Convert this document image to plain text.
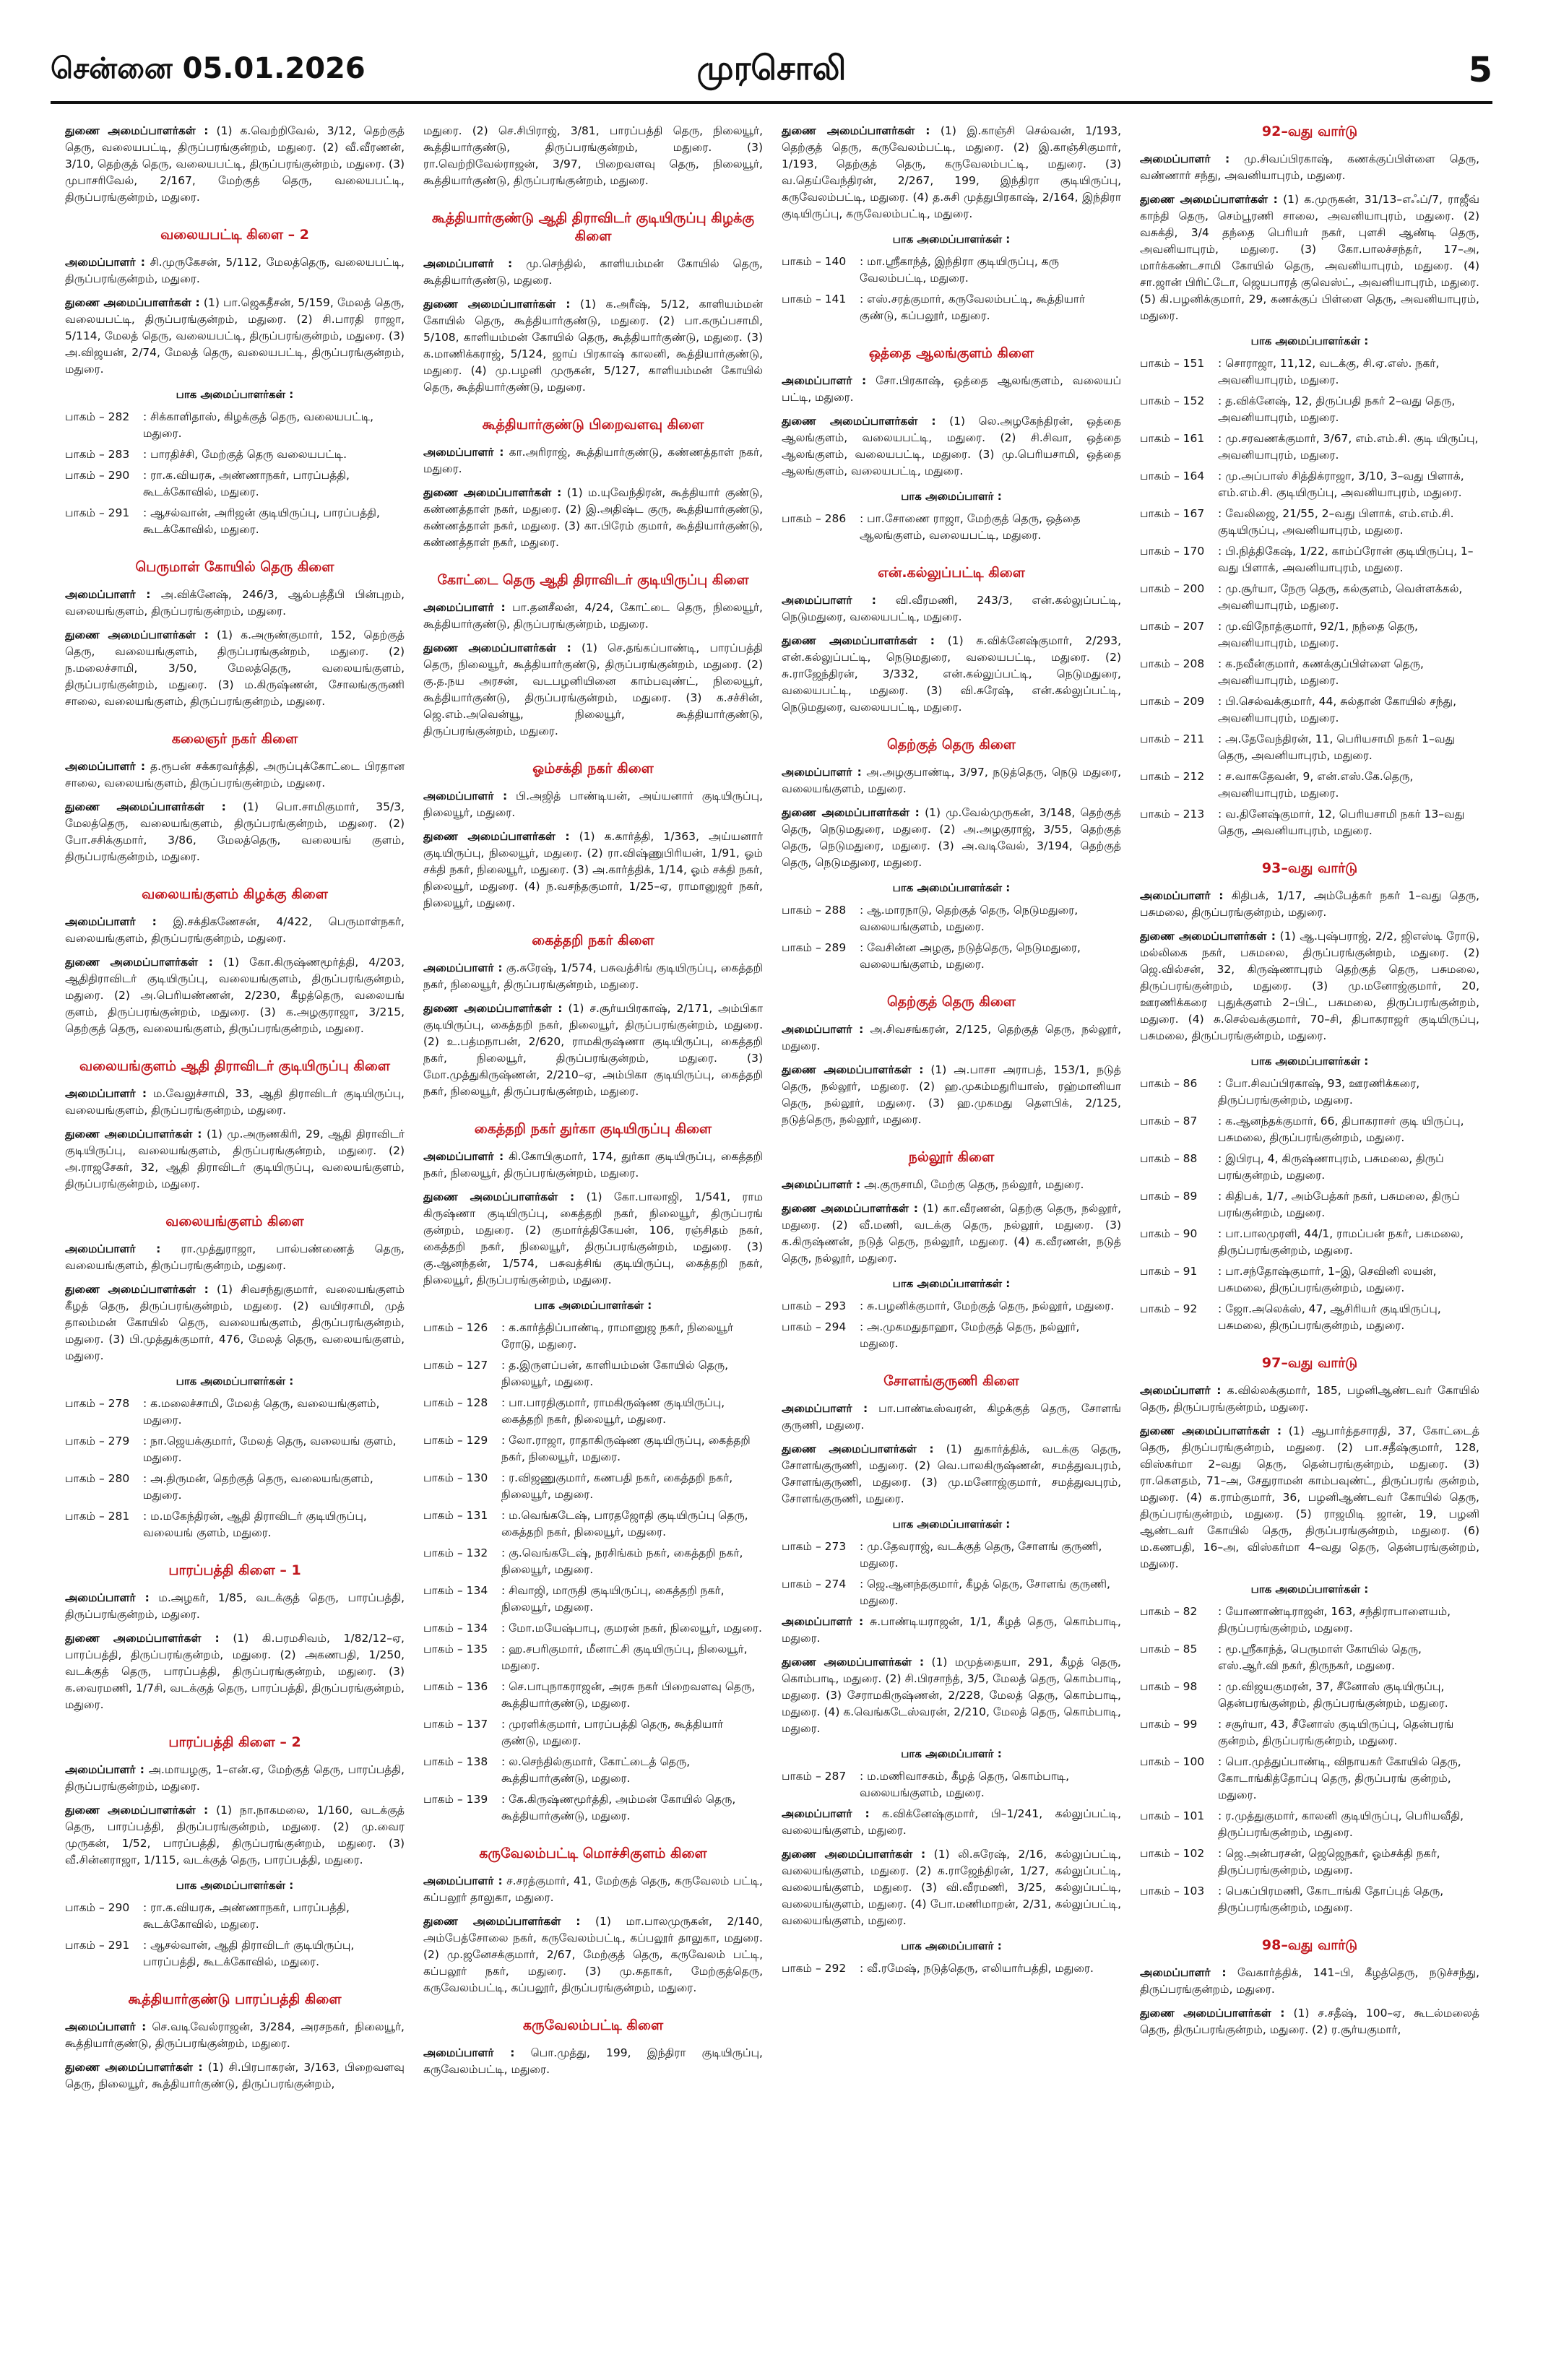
சென்னை 05.01.2026	முரசொலி	5

துணை அமைப்பாளர்கள் : (1) க.வெற்றிவேல், 3/12, தெற்குத் தெரு, வலையபட்டி, திருப்பரங்குன்றம், மதுரை. (2) வீ.வீரணன், 3/10, தெற்குத் தெரு, வலையபட்டி, திருப்பரங்குன்றம், மதுரை. (3) முபாசரிவேல், 2/167, மேற்குத் தெரு, வலையபட்டி, திருப்பரங்குன்றம், மதுரை.

வலையபட்டி கிளை – 2

அமைப்பாளர் : சி.முருகேசன், 5/112, மேலத்தெரு, வலையபட்டி, திருப்பரங்குன்றம், மதுரை.

துணை அமைப்பாளர்கள் : (1) பா.ஜெகதீசன், 5/159, மேலத் தெரு, வலையபட்டி, திருப்பரங்குன்றம், மதுரை. (2) சி.பாரதி ராஜா, 5/114, மேலத் தெரு, வலையபட்டி, திருப்பரங்குன்றம், மதுரை. (3) அ.விஜயன், 2/74, மேலத் தெரு, வலையபட்டி, திருப்பரங்குன்றம், மதுரை.

பாக அமைப்பாளர்கள் :
பாகம் – 282	: சிக்காளிதாஸ், கிழக்குத் தெரு, வலையபட்டி, மதுரை.
பாகம் – 283	: பாரதிச்சி, மேற்குத் தெரு வலையபட்டி.
பாகம் – 290	: ரா.க.வியரசு, அண்ணாநகர், பாரப்பத்தி, கூடக்கோவில், மதுரை.
பாகம் – 291	: ஆசல்வான், அரிஜன் குடியிருப்பு, பாரப்பத்தி, கூடக்கோவில், மதுரை.
பெருமாள் கோயில் தெரு கிளை

அமைப்பாளர் : அ.விக்னேஷ், 246/3, ஆல்பத்தீபி பின்புறம், வலையங்குளம், திருப்பரங்குன்றம், மதுரை.

துணை அமைப்பாளர்கள் : (1) க.அருண்குமார், 152, தெற்குத் தெரு, வலையங்குளம், திருப்பரங்குன்றம், மதுரை. (2) ந.மலைச்சாமி, 3/50, மேலத்தெரு, வலையங்குளம், திருப்பரங்குன்றம், மதுரை. (3) ம.கிருஷ்ணன், சோலங்குருணி சாலை, வலையங்குளம், திருப்பரங்குன்றம், மதுரை.

கலைஞர் நகர் கிளை

அமைப்பாளர் : த.ரூபன் சக்கரவர்த்தி, அருப்புக்கோட்டை பிரதான சாலை, வலையங்குளம், திருப்பரங்குன்றம், மதுரை.

துணை அமைப்பாளர்கள் : (1) பொ.சாமிகுமார், 35/3, மேலத்தெரு, வலையங்குளம், திருப்பரங்குன்றம், மதுரை. (2) போ.சசிக்குமார், 3/86, மேலத்தெரு, வலையங் குளம், திருப்பரங்குன்றம், மதுரை.

வலையங்குளம் கிழக்கு கிளை

அமைப்பாளர் : இ.சக்திகணேசன், 4/422, பெருமாள்நகர், வலையங்குளம், திருப்பரங்குன்றம், மதுரை.

துணை அமைப்பாளர்கள் : (1) கோ.கிருஷ்ணமூர்த்தி, 4/203, ஆதிதிராவிடர் குடியிருப்பு, வலையங்குளம், திருப்பரங்குன்றம், மதுரை. (2) அ.பெரியண்ணன், 2/230, கீழத்தெரு, வலையங் குளம், திருப்பரங்குன்றம், மதுரை. (3) க.அழகுராஜா, 3/215, தெற்குத் தெரு, வலையங்குளம், திருப்பரங்குன்றம், மதுரை.

வலையங்குளம் ஆதி திராவிடர் குடியிருப்பு கிளை

அமைப்பாளர் : ம.வேலுச்சாமி, 33, ஆதி திராவிடர் குடியிருப்பு, வலையங்குளம், திருப்பரங்குன்றம், மதுரை.

துணை அமைப்பாளர்கள் : (1) மு.அருணகிரி, 29, ஆதி திராவிடர் குடியிருப்பு, வலையங்குளம், திருப்பரங்குன்றம், மதுரை. (2) அ.ராஜசேகர், 32, ஆதி திராவிடர் குடியிருப்பு, வலையங்குளம், திருப்பரங்குன்றம், மதுரை.

வலையங்குளம் கிளை

அமைப்பாளர் : ரா.முத்துராஜா, பால்பண்ணைத் தெரு, வலையங்குளம், திருப்பரங்குன்றம், மதுரை.

துணை அமைப்பாளர்கள் : (1) சிவசந்துகுமார், வலையங்குளம் கீழத் தெரு, திருப்பரங்குன்றம், மதுரை. (2) வயிரசாமி, முத் தாலம்மன் கோயில் தெரு, வலையங்குளம், திருப்பரங்குன்றம், மதுரை. (3) பி.முத்துக்குமார், 476, மேலத் தெரு, வலையங்குளம், மதுரை.

பாக அமைப்பாளர்கள் :
பாகம் – 278	: க.மலைச்சாமி, மேலத் தெரு, வலையங்குளம், மதுரை.
பாகம் – 279	: நா.ஜெயக்குமார், மேலத் தெரு, வலையங் குளம், மதுரை.
பாகம் – 280	: அ.திருமன், தெற்குத் தெரு, வலையங்குளம், மதுரை.
பாகம் – 281	: ம.மகேந்திரன், ஆதி திராவிடர் குடியிருப்பு, வலையங் குளம், மதுரை.
பாரப்பத்தி கிளை – 1

அமைப்பாளர் : ம.அழகர், 1/85, வடக்குத் தெரு, பாரப்பத்தி, திருப்பரங்குன்றம், மதுரை.

துணை அமைப்பாளர்கள் : (1) கி.பரமசிவம், 1/82/12–ஏ, பாரப்பத்தி, திருப்பரங்குன்றம், மதுரை. (2) அகணபதி, 1/250, வடக்குத் தெரு, பாரப்பத்தி, திருப்பரங்குன்றம், மதுரை. (3) க.வைரமணி, 1/7சி, வடக்குத் தெரு, பாரப்பத்தி, திருப்பரங்குன்றம், மதுரை.

பாரப்பத்தி கிளை – 2

அமைப்பாளர் : அ.மாயழகு, 1–என்.ஏ, மேற்குத் தெரு, பாரப்பத்தி, திருப்பரங்குன்றம், மதுரை.

துணை அமைப்பாளர்கள் : (1) நா.நாகமலை, 1/160, வடக்குத் தெரு, பாரப்பத்தி, திருப்பரங்குன்றம், மதுரை. (2) மு.வைர முருகன், 1/52, பாரப்பத்தி, திருப்பரங்குன்றம், மதுரை. (3) வீ.சின்னராஜா, 1/115, வடக்குத் தெரு, பாரப்பத்தி, மதுரை.

பாக அமைப்பாளர்கள் :
பாகம் – 290	: ரா.க.வியரசு, அண்ணாநகர், பாரப்பத்தி, கூடக்கோவில், மதுரை.
பாகம் – 291	: ஆசல்வான், ஆதி திராவிடர் குடியிருப்பு, பாரப்பத்தி, கூடக்கோவில், மதுரை.
கூத்தியார்குண்டு பாரப்பத்தி கிளை

அமைப்பாளர் : செ.வடிவேல்ராஜன், 3/284, அரசநகர், நிலையூர், கூத்தியார்குண்டு, திருப்பரங்குன்றம், மதுரை.

துணை அமைப்பாளர்கள் : (1) சி.பிரபாகரன், 3/163, பிறைவளவு தெரு, நிலையூர், கூத்தியார்குண்டு, திருப்பரங்குன்றம்,

மதுரை. (2) செ.சிபிராஜ், 3/81, பாரப்பத்தி தெரு, நிலையூர், கூத்தியார்குண்டு, திருப்பரங்குன்றம், மதுரை. (3) ரா.வெற்றிவேல்ராஜன், 3/97, பிறைவளவு தெரு, நிலையூர், கூத்தியார்குண்டு, திருப்பரங்குன்றம், மதுரை.

கூத்தியார்குண்டு ஆதி திராவிடர் குடியிருப்பு கிழக்கு கிளை

அமைப்பாளர் : மு.செந்தில், காளியம்மன் கோயில் தெரு, கூத்தியார்குண்டு, மதுரை.

துணை அமைப்பாளர்கள் : (1) க.அரீஷ், 5/12, காளியம்மன் கோயில் தெரு, கூத்தியார்குண்டு, மதுரை. (2) பா.கருப்பசாமி, 5/108, காளியம்மன் கோயில் தெரு, கூத்தியார்குண்டு, மதுரை. (3) க.மாணிக்கராஜ், 5/124, ஜாய் பிரகாஷ் காலனி, கூத்தியார்குண்டு, மதுரை. (4) மு.பழனி முருகன், 5/127, காளியம்மன் கோயில் தெரு, கூத்தியார்குண்டு, மதுரை.

கூத்தியார்குண்டு பிறைவளவு கிளை

அமைப்பாளர் : கா.அரிராஜ், கூத்தியார்குண்டு, கண்ணத்தாள் நகர், மதுரை.

துணை அமைப்பாளர்கள் : (1) ம.யுவேந்திரன், கூத்தியார் குண்டு, கண்ணத்தாள் நகர், மதுரை. (2) இ.அதிஷ்ட குரு, கூத்தியார்குண்டு, கண்ணத்தாள் நகர், மதுரை. (3) கா.பிரேம் குமார், கூத்தியார்குண்டு, கண்ணத்தாள் நகர், மதுரை.

கோட்டை தெரு ஆதி திராவிடர் குடியிருப்பு கிளை

அமைப்பாளர் : பா.தனசீலன், 4/24, கோட்டை தெரு, நிலையூர், கூத்தியார்குண்டு, திருப்பரங்குன்றம், மதுரை.

துணை அமைப்பாளர்கள் : (1) செ.தங்கப்பாண்டி, பாரப்பத்தி தெரு, நிலையூர், கூத்தியார்குண்டு, திருப்பரங்குன்றம், மதுரை. (2) கு.த.நய அரசன், வடபழனியினை காம்பவுண்ட், நிலையூர், கூத்தியார்குண்டு, திருப்பரங்குன்றம், மதுரை. (3) க.சச்சின், ஜெ.எம்.அவென்யூ, நிலையூர், கூத்தியார்குண்டு, திருப்பரங்குன்றம், மதுரை.

ஓம்சக்தி நகர் கிளை

அமைப்பாளர் : பி.அஜித் பாண்டியன், அய்யனார் குடியிருப்பு, நிலையூர், மதுரை.

துணை அமைப்பாளர்கள் : (1) க.கார்த்தி, 1/363, அய்யனார் குடியிருப்பு, நிலையூர், மதுரை. (2) ரா.விஷ்ணுபிரியன், 1/91, ஓம் சக்தி நகர், நிலையூர், மதுரை. (3) அ.கார்த்திக், 1/14, ஓம் சக்தி நகர், நிலையூர், மதுரை. (4) ந.வசந்தகுமார், 1/25–ஏ, ராமானுஜர் நகர், நிலையூர், மதுரை.

கைத்தறி நகர் கிளை

அமைப்பாளர் : கு.சுரேஷ், 1/574, பசுவத்சிங் குடியிருப்பு, கைத்தறி நகர், நிலையூர், திருப்பரங்குன்றம், மதுரை.

துணை அமைப்பாளர்கள் : (1) ச.சூர்யபிரகாஷ், 2/171, அம்பிகா குடியிருப்பு, கைத்தறி நகர், நிலையூர், திருப்பரங்குன்றம், மதுரை. (2) உ.பத்மநாபன், 2/620, ராமகிருஷ்ணா குடியிருப்பு, கைத்தறி நகர், நிலையூர், திருப்பரங்குன்றம், மதுரை. (3) மோ.முத்துகிருஷ்ணன், 2/210–ஏ, அம்பிகா குடியிருப்பு, கைத்தறி நகர், நிலையூர், திருப்பரங்குன்றம், மதுரை.

கைத்தறி நகர் துர்கா குடியிருப்பு கிளை

அமைப்பாளர் : கி.கோபிகுமார், 174, துர்கா குடியிருப்பு, கைத்தறி நகர், நிலையூர், திருப்பரங்குன்றம், மதுரை.

துணை அமைப்பாளர்கள் : (1) கோ.பாலாஜி, 1/541, ராம கிருஷ்ணா குடியிருப்பு, கைத்தறி நகர், நிலையூர், திருப்பரங் குன்றம், மதுரை. (2) குமார்த்திகேயன், 106, ரஞ்சிதம் நகர், கைத்தறி நகர், நிலையூர், திருப்பரங்குன்றம், மதுரை. (3) கு.ஆனந்தன், 1/574, பசுவத்சிங் குடியிருப்பு, கைத்தறி நகர், நிலையூர், திருப்பரங்குன்றம், மதுரை.

பாக அமைப்பாளர்கள் :
பாகம் – 126	: க.கார்த்திப்பாண்டி, ராமானுஜ நகர், நிலையூர் ரோடு, மதுரை.
பாகம் – 127	: த.இருளப்பன், காளியம்மன் கோயில் தெரு, நிலையூர், மதுரை.
பாகம் – 128	: பா.பாரதிகுமார், ராமகிருஷ்ண குடியிருப்பு, கைத்தறி நகர், நிலையூர், மதுரை.
பாகம் – 129	: லோ.ராஜா, ராதாகிருஷ்ண குடியிருப்பு, கைத்தறி நகர், நிலையூர், மதுரை.
பாகம் – 130	: ர.விஜணுகுமார், கணபதி நகர், கைத்தறி நகர், நிலையூர், மதுரை.
பாகம் – 131	: ம.வெங்கடேஷ், பாரதஜோதி குடியிருப்பு தெரு, கைத்தறி நகர், நிலையூர், மதுரை.
பாகம் – 132	: கு.வெங்கடேஷ், நரசிங்கம் நகர், கைத்தறி நகர், நிலையூர், மதுரை.
பாகம் – 134	: சிவாஜி, மாருதி குடியிருப்பு, கைத்தறி நகர், நிலையூர், மதுரை.
பாகம் – 134	: மோ.மயேஷ்பாபு, குமரன் நகர், நிலையூர், மதுரை.
பாகம் – 135	: ஹ.சபரிகுமார், மீனாட்சி குடியிருப்பு, நிலையூர், மதுரை.
பாகம் – 136	: செ.பாபுநாகராஜன், அரசு நகர் பிறைவளவு தெரு, கூத்தியார்குண்டு, மதுரை.
பாகம் – 137	: முரளிக்குமார், பாரப்பத்தி தெரு, கூத்தியார் குண்டு, மதுரை.
பாகம் – 138	: ல.செந்தில்குமார், கோட்டைத் தெரு, கூத்தியார்குண்டு, மதுரை.
பாகம் – 139	: கே.கிருஷ்ணமூர்த்தி, அம்மன் கோயில் தெரு, கூத்தியார்குண்டு, மதுரை.
கருவேலம்பட்டி மொச்சிகுளம் கிளை

அமைப்பாளர் : ச.சரத்குமார், 41, மேற்குத் தெரு, கருவேலம் பட்டி, கப்பலூர் தாலுகா, மதுரை.

துணை அமைப்பாளர்கள் : (1) மா.பாலமுருகன், 2/140, அம்பேத்சோலை நகர், கருவேலம்பட்டி, கப்பலூர் தாலுகா, மதுரை. (2) மு.ஜனேசக்குமார், 2/67, மேற்குத் தெரு, கருவேலம் பட்டி, கப்பலூர் நகர், மதுரை. (3) மு.சுதாகர், மேற்குத்தெரு, கருவேலம்பட்டி, கப்பலூர், திருப்பரங்குன்றம், மதுரை.

கருவேலம்பட்டி கிளை

அமைப்பாளர் : பொ.முத்து, 199, இந்திரா குடியிருப்பு, கருவேலம்பட்டி, மதுரை.

துணை அமைப்பாளர்கள் : (1) இ.காஞ்சி செல்வன், 1/193, தெற்குத் தெரு, கருவேலம்பட்டி, மதுரை. (2) இ.காஞ்சிகுமார், 1/193, தெற்குத் தெரு, கருவேலம்பட்டி, மதுரை. (3) வ.தெய்வேந்திரன், 2/267, 199, இந்திரா குடியிருப்பு, கருவேலம்பட்டி, மதுரை. (4) த.சுசி முத்துபிரகாஷ், 2/164, இந்திரா குடியிருப்பு, கருவேலம்பட்டி, மதுரை.

பாக அமைப்பாளர்கள் :
பாகம் – 140	: மா.ஸ்ரீகாந்த், இந்திரா குடியிருப்பு, கரு வேலம்பட்டி, மதுரை.
பாகம் – 141	: எஸ்.சரத்குமார், கருவேலம்பட்டி, கூத்தியார் குண்டு, கப்பலூர், மதுரை.
ஒத்தை ஆலங்குளம் கிளை

அமைப்பாளர் : சோ.பிரகாஷ், ஒத்தை ஆலங்குளம், வலையப் பட்டி, மதுரை.

துணை அமைப்பாளர்கள் : (1) லெ.அழகேந்திரன், ஒத்தை ஆலங்குளம், வலையபட்டி, மதுரை. (2) சி.சிவா, ஒத்தை ஆலங்குளம், வலையபட்டி, மதுரை. (3) மு.பெரியசாமி, ஒத்தை ஆலங்குளம், வலையபட்டி, மதுரை.

பாக அமைப்பாளர் :
பாகம் – 286	: பா.சோணை ராஜா, மேற்குத் தெரு, ஒத்தை ஆலங்குளம், வலையபட்டி, மதுரை.
என்.கல்லுப்பட்டி கிளை

அமைப்பாளர் : வி.வீரமணி, 243/3, என்.கல்லுப்பட்டி, நெடுமதுரை, வலையபட்டி, மதுரை.

துணை அமைப்பாளர்கள் : (1) சு.விக்னேஷ்குமார், 2/293, என்.கல்லுப்பட்டி, நெடுமதுரை, வலையபட்டி, மதுரை. (2) சு.ராஜேந்திரன், 3/332, என்.கல்லுப்பட்டி, நெடுமதுரை, வலையபட்டி, மதுரை. (3) வி.சுரேஷ், என்.கல்லுப்பட்டி, நெடுமதுரை, வலையபட்டி, மதுரை.

தெற்குத் தெரு கிளை

அமைப்பாளர் : அ.அழகுபாண்டி, 3/97, நடுத்தெரு, நெடு மதுரை, வலையங்குளம், மதுரை.

துணை அமைப்பாளர்கள் : (1) மு.வேல்முருகன், 3/148, தெற்குத் தெரு, நெடுமதுரை, மதுரை. (2) அ.அழகுராஜ், 3/55, தெற்குத் தெரு, நெடுமதுரை, மதுரை. (3) அ.வடிவேல், 3/194, தெற்குத் தெரு, நெடுமதுரை, மதுரை.

பாக அமைப்பாளர்கள் :
பாகம் – 288	: ஆ.மாரநாடு, தெற்குத் தெரு, நெடுமதுரை, வலையங்குளம், மதுரை.
பாகம் – 289	: வேசின்ன அழகு, நடுத்தெரு, நெடுமதுரை, வலையங்குளம், மதுரை.
தெற்குத் தெரு கிளை

அமைப்பாளர் : அ.சிவசங்கரன், 2/125, தெற்குத் தெரு, நல்லூர், மதுரை.

துணை அமைப்பாளர்கள் : (1) அ.பாசா அராபத், 153/1, நடுத் தெரு, நல்லூர், மதுரை. (2) ஹ.முகம்மதுரியாஸ், ரஹ்மானியா தெரு, நல்லூர், மதுரை. (3) ஹ.முகமது தௌபிக், 2/125, நடுத்தெரு, நல்லூர், மதுரை.

நல்லூர் கிளை

அமைப்பாளர் : அ.குருசாமி, மேற்கு தெரு, நல்லூர், மதுரை.

துணை அமைப்பாளர்கள் : (1) கா.வீரணன், தெற்கு தெரு, நல்லூர், மதுரை. (2) வீ.மணி, வடக்கு தெரு, நல்லூர், மதுரை. (3) க.கிருஷ்ணன், நடுத் தெரு, நல்லூர், மதுரை. (4) க.வீரணன், நடுத் தெரு, நல்லூர், மதுரை.

பாக அமைப்பாளர்கள் :
பாகம் – 293	: சு.பழனிக்குமார், மேற்குத் தெரு, நல்லூர், மதுரை.
பாகம் – 294	: அ.முகமதுதாஹா, மேற்குத் தெரு, நல்லூர், மதுரை.
சோளங்குருணி கிளை

அமைப்பாளர் : பா.பாண்டீஸ்வரன், கிழக்குத் தெரு, சோளங் குருணி, மதுரை.

துணை அமைப்பாளர்கள் : (1) துகார்த்திக், வடக்கு தெரு, சோளங்குருணி, மதுரை. (2) வெ.பாலகிருஷ்ணன், சமத்துவபுரம், சோளங்குருணி, மதுரை. (3) மு.மனோஜ்குமார், சமத்துவபுரம், சோளங்குருணி, மதுரை.

பாக அமைப்பாளர்கள் :
பாகம் – 273	: மு.தேவராஜ், வடக்குத் தெரு, சோளங் குருணி, மதுரை.
பாகம் – 274	: ஜெ.ஆனந்தகுமார், கீழத் தெரு, சோளங் குருணி, மதுரை.

அமைப்பாளர் : சு.பாண்டியராஜன், 1/1, கீழத் தெரு, கொம்பாடி, மதுரை.

துணை அமைப்பாளர்கள் : (1) மமுத்தையா, 291, கீழத் தெரு, கொம்பாடி, மதுரை. (2) சி.பிரசாந்த், 3/5, மேலத் தெரு, கொம்பாடி, மதுரை. (3) சேராமகிருஷ்ணன், 2/228, மேலத் தெரு, கொம்பாடி, மதுரை. (4) க.வெங்கடேஸ்வரன், 2/210, மேலத் தெரு, கொம்பாடி, மதுரை.

பாக அமைப்பாளர் :
பாகம் – 287	: ம.மணிவாசகம், கீழத் தெரு, கொம்பாடி, வலையங்குளம், மதுரை.

அமைப்பாளர் : க.விக்னேஷ்குமார், பி–1/241, கல்லுப்பட்டி, வலையங்குளம், மதுரை.

துணை அமைப்பாளர்கள் : (1) லி.சுரேஷ், 2/16, கல்லுப்பட்டி, வலையங்குளம், மதுரை. (2) க.ராஜேந்திரன், 1/27, கல்லுப்பட்டி, வலையங்குளம், மதுரை. (3) வி.வீரமணி, 3/25, கல்லுப்பட்டி, வலையங்குளம், மதுரை. (4) போ.மணிமாறன், 2/31, கல்லுப்பட்டி, வலையங்குளம், மதுரை.

பாக அமைப்பாளர் :
பாகம் – 292	: வீ.ரமேஷ், நடுத்தெரு, எலியார்பத்தி, மதுரை.
92–வது வார்டு

அமைப்பாளர் : மு.சிவப்பிரகாஷ், கணக்குப்பிள்ளை தெரு, வண்ணார் சந்து, அவனியாபுரம், மதுரை.

துணை அமைப்பாளர்கள் : (1) க.முருகன், 31/13–எஃப்/7, ராஜீவ் காந்தி தெரு, செம்பூரணி சாலை, அவனியாபுரம், மதுரை. (2) வசுக்தி, 3/4 தந்தை பெரியர் நகர், புளசி ஆண்டி தெரு, அவனியாபுரம், மதுரை. (3) கோ.பாலச்சந்தர், 17–அ, மார்க்கண்டசாமி கோயில் தெரு, அவனியாபுரம், மதுரை. (4) சா.ஜான் பிரிட்டோ, ஜெயபாரத் குவெஸ்ட், அவனியாபுரம், மதுரை. (5) கி.பழனிக்குமார், 29, கணக்குப் பிள்ளை தெரு, அவனியாபுரம், மதுரை.

பாக அமைப்பாளர்கள் :
பாகம் – 151	: சொராஜா, 11,12, வடக்கு, சி.ஏ.எஸ். நகர், அவனியாபுரம், மதுரை.
பாகம் – 152	: த.விக்னேஷ், 12, திருப்பதி நகர் 2–வது தெரு, அவனியாபுரம், மதுரை.
பாகம் – 161	: மு.சரவணக்குமார், 3/67, எம்.எம்.சி. குடி யிருப்பு, அவனியாபுரம், மதுரை.
பாகம் – 164	: மு.அப்பாஸ் சித்திக்ராஜா, 3/10, 3–வது பிளாக், எம்.எம்.சி. குடியிருப்பு, அவனியாபுரம், மதுரை.
பாகம் – 167	: வேலிஜை, 21/55, 2–வது பிளாக், எம்.எம்.சி. குடியிருப்பு, அவனியாபுரம், மதுரை.
பாகம் – 170	: பி.நித்திகேஷ், 1/22, காம்ப்ரோன் குடியிருப்பு, 1–வது பிளாக், அவனியாபுரம், மதுரை.
பாகம் – 200	: மு.சூர்யா, நேரு தெரு, கல்குளம், வெள்ளக்கல், அவனியாபுரம், மதுரை.
பாகம் – 207	: மு.விநோத்குமார், 92/1, நந்தை தெரு, அவனியாபுரம், மதுரை.
பாகம் – 208	: க.நவீன்குமார், கணக்குப்பிள்ளை தெரு, அவனியாபுரம், மதுரை.
பாகம் – 209	: பி.செல்வக்குமார், 44, சுல்தான் கோயில் சந்து, அவனியாபுரம், மதுரை.
பாகம் – 211	: அ.தேவேந்திரன், 11, பெரியசாமி நகர் 1–வது தெரு, அவனியாபுரம், மதுரை.
பாகம் – 212	: ச.வாசுதேவன், 9, என்.எஸ்.கே.தெரு, அவனியாபுரம், மதுரை.
பாகம் – 213	: வ.தினேஷ்குமார், 12, பெரியசாமி நகர் 13–வது தெரு, அவனியாபுரம், மதுரை.
93–வது வார்டு

அமைப்பாளர் : கிதிபக், 1/17, அம்பேத்கர் நகர் 1–வது தெரு, பசுமலை, திருப்பரங்குன்றம், மதுரை.

துணை அமைப்பாளர்கள் : (1) ஆ.புஷ்பராஜ், 2/2, ஜிஎஸ்டி ரோடு, மல்லிகை நகர், பசுமலை, திருப்பரங்குன்றம், மதுரை. (2) ஜெ.வில்சன், 32, கிருஷ்ணாபுரம் தெற்குத் தெரு, பசுமலை, திருப்பரங்குன்றம், மதுரை. (3) மு.மனோஜ்குமார், 20, ஊரணிக்கரை புதுக்குளம் 2–பிட், பசுமலை, திருப்பரங்குன்றம், மதுரை. (4) சு.செல்வக்குமார், 70–சி, திபாகராஜர் குடியிருப்பு, பசுமலை, திருப்பரங்குன்றம், மதுரை.

பாக அமைப்பாளர்கள் :
பாகம் – 86	: போ.சிவப்பிரகாஷ், 93, ஊரணிக்கரை, திருப்பரங்குன்றம், மதுரை.
பாகம் – 87	: க.ஆனந்தக்குமார், 66, திபாகராசர் குடி யிருப்பு, பசுமலை, திருப்பரங்குன்றம், மதுரை.
பாகம் – 88	: இபிரபு, 4, கிருஷ்ணாபுரம், பசுமலை, திருப் பரங்குன்றம், மதுரை.
பாகம் – 89	: கிதிபக், 1/7, அம்பேத்கர் நகர், பசுமலை, திருப் பரங்குன்றம், மதுரை.
பாகம் – 90	: பா.பாலமுரளி, 44/1, ராமப்பன் நகர், பசுமலை, திருப்பரங்குன்றம், மதுரை.
பாகம் – 91	: பா.சந்தோஷ்குமார், 1–இ, செவினி லயன், பசுமலை, திருப்பரங்குன்றம், மதுரை.
பாகம் – 92	: ஜோ.அலெக்ஸ், 47, ஆசிரியர் குடியிருப்பு, பசுமலை, திருப்பரங்குன்றம், மதுரை.
97–வது வார்டு

அமைப்பாளர் : க.வில்லக்குமார், 185, பழனிஆண்டவர் கோயில் தெரு, திருப்பரங்குன்றம், மதுரை.

துணை அமைப்பாளர்கள் : (1) ஆபார்த்தசாரதி, 37, கோட்டைத் தெரு, திருப்பரங்குன்றம், மதுரை. (2) பா.சதீஷ்குமார், 128, விஸ்கர்மா 2–வது தெரு, தென்பரங்குன்றம், மதுரை. (3) ரா.கௌதம், 71–அ, சேதுராமன் காம்பவுண்ட், திருப்பரங் குன்றம், மதுரை. (4) க.ராம்குமார், 36, பழனிஆண்டவர் கோயில் தெரு, திருப்பரங்குன்றம், மதுரை. (5) ராஜமிடி ஜான், 19, பழனி ஆண்டவர் கோயில் தெரு, திருப்பரங்குன்றம், மதுரை. (6) ம.கணபதி, 16–அ, விஸ்கர்மா 4–வது தெரு, தென்பரங்குன்றம், மதுரை.

பாக அமைப்பாளர்கள் :
பாகம் – 82	: யோணாண்டிராஜன், 163, சந்திராபாளையம், திருப்பரங்குன்றம், மதுரை.
பாகம் – 85	: மூ.ஸ்ரீகாந்த், பெருமாள் கோயில் தெரு, எஸ்.ஆர்.வி நகர், திருநகர், மதுரை.
பாகம் – 98	: மு.விஜயகுமரன், 37, சீனோஸ் குடியிருப்பு, தென்பரங்குன்றம், திருப்பரங்குன்றம், மதுரை.
பாகம் – 99	: சசூர்யா, 43, சீனோஸ் குடியிருப்பு, தென்பரங் குன்றம், திருப்பரங்குன்றம், மதுரை.
பாகம் – 100	: பொ.முத்துப்பாண்டி, விநாயகர் கோயில் தெரு, கோடாங்கித்தோப்பு தெரு, திருப்பரங் குன்றம், மதுரை.
பாகம் – 101	: ர.முத்துகுமார், காலனி குடியிருப்பு, பெரியவீதி, திருப்பரங்குன்றம், மதுரை.
பாகம் – 102	: ஜெ.அன்பரசன், ஜெஜெநகர், ஓம்சக்தி நகர், திருப்பரங்குன்றம், மதுரை.
பாகம் – 103	: பெகப்பிரமணி, கோடாங்கி தோப்புத் தெரு, திருப்பரங்குன்றம், மதுரை.
98–வது வார்டு

அமைப்பாளர் : வேகார்த்திக், 141–பி, கீழத்தெரு, நடுச்சந்து, திருப்பரங்குன்றம், மதுரை.

துணை அமைப்பாளர்கள் : (1) ச.சதீஷ், 100–ஏ, கூடல்மலைத் தெரு, திருப்பரங்குன்றம், மதுரை. (2) ர.சூர்யகுமார்,
